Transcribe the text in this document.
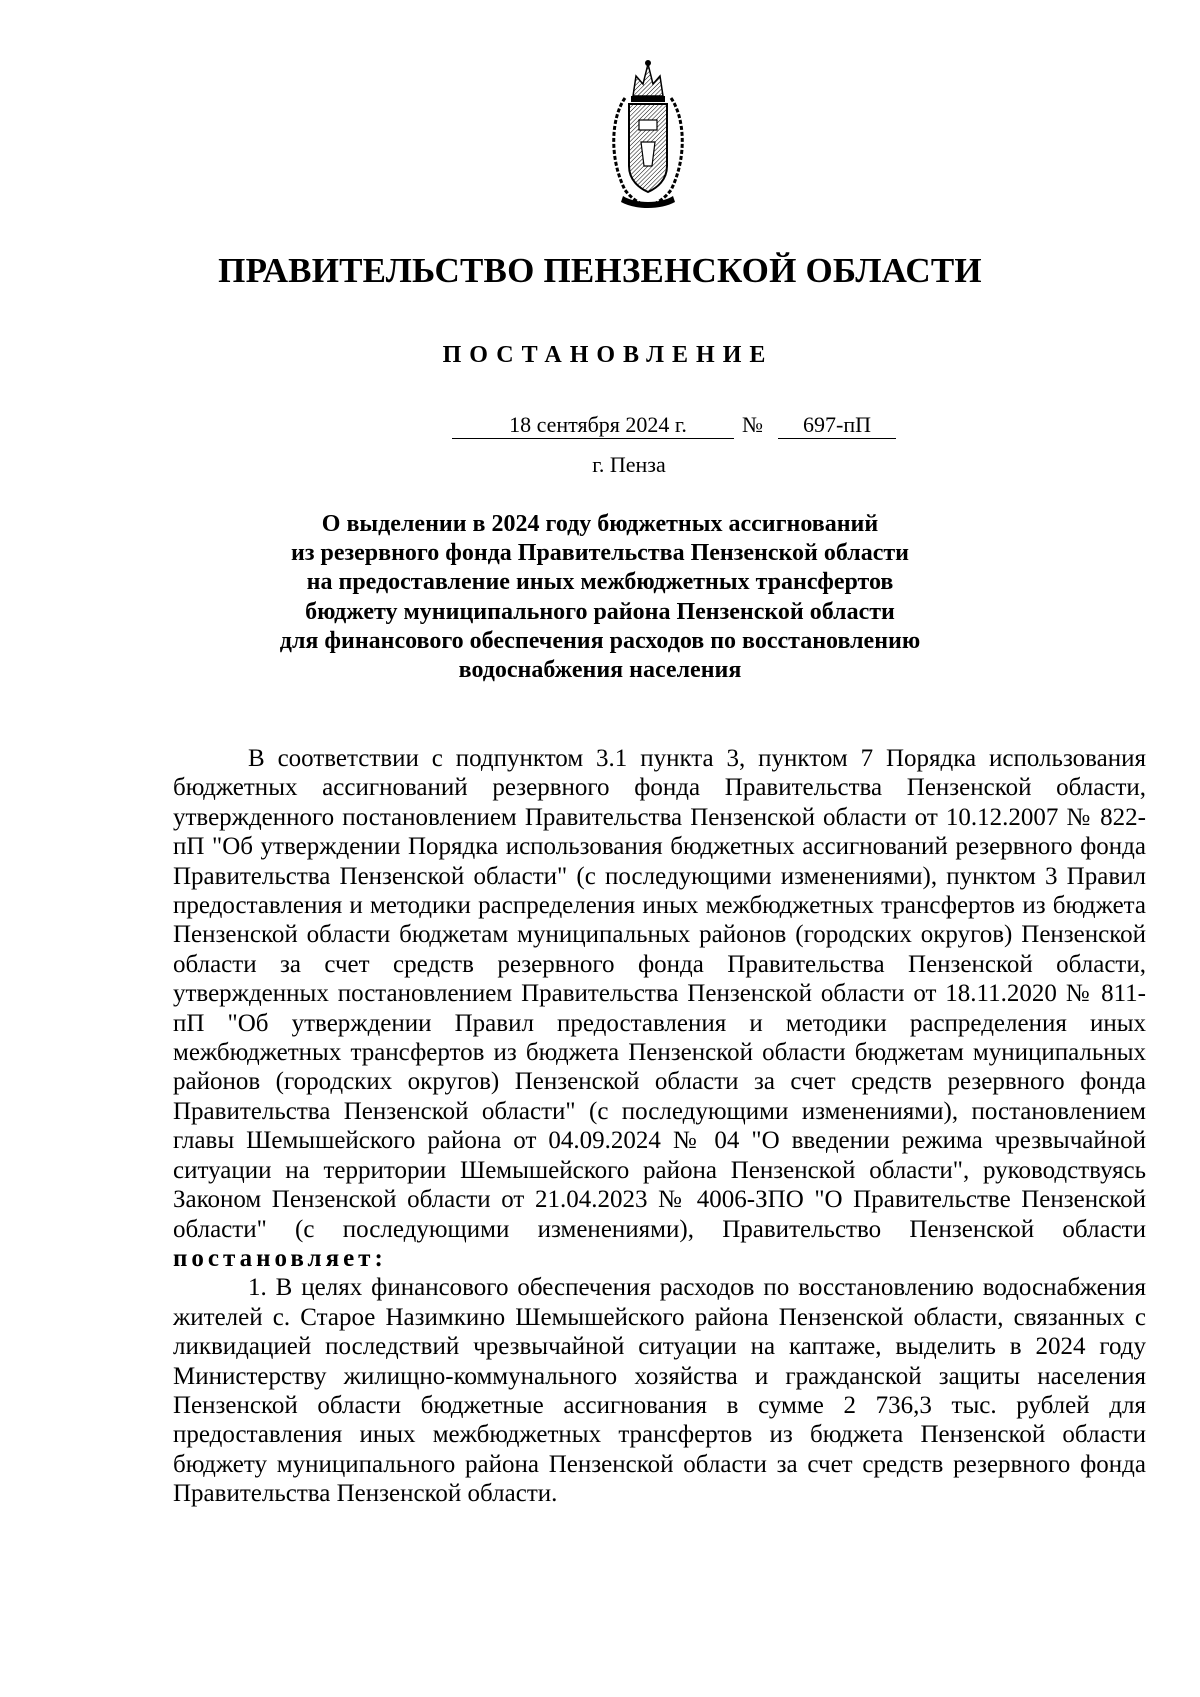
ПРАВИТЕЛЬСТВО ПЕНЗЕНСКОЙ ОБЛАСТИ
ПОСТАНОВЛЕНИЕ
18 сентября 2024 г.	№	697-пП
г. Пенза
О выделении в 2024 году бюджетных ассигнований
из резервного фонда Правительства Пензенской области
на предоставление иных межбюджетных трансфертов
бюджету муниципального района Пензенской области
для финансового обеспечения расходов по восстановлению
водоснабжения населения

В соответствии с подпунктом 3.1 пункта 3, пунктом 7 Порядка использования бюджетных ассигнований резервного фонда Правительства Пензенской области, утвержденного постановлением Правительства Пензенской области от 10.12.2007 № 822-пП "Об утверждении Порядка использования бюджетных ассигнований резервного фонда Правительства Пензенской области" (с последующими изменениями), пунктом 3 Правил предоставления и методики распределения иных межбюджетных трансфертов из бюджета Пензенской области бюджетам муниципальных районов (городских округов) Пензенской области за счет средств резервного фонда Правительства Пензенской области, утвержденных постановлением Правительства Пензенской области от 18.11.2020 № 811-пП "Об утверждении Правил предоставления и методики распределения иных межбюджетных трансфертов из бюджета Пензенской области бюджетам муниципальных районов (городских округов) Пензенской области за счет средств резервного фонда Правительства Пензенской области" (с последующими изменениями), постановлением главы Шемышейского района от 04.09.2024 № 04 "О введении режима чрезвычайной ситуации на территории Шемышейского района Пензенской области", руководствуясь Законом Пензенской области от 21.04.2023 № 4006-ЗПО "О Правительстве Пензенской области" (с последующими изменениями), Правительство Пензенской области постановляет:

1. В целях финансового обеспечения расходов по восстановлению водоснабжения жителей с. Старое Назимкино Шемышейского района Пензенской области, связанных с ликвидацией последствий чрезвычайной ситуации на каптаже, выделить в 2024 году Министерству жилищно-коммунального хозяйства и гражданской защиты населения Пензенской области бюджетные ассигнования в сумме 2 736,3 тыс. рублей для предоставления иных межбюджетных трансфертов из бюджета Пензенской области бюджету муниципального района Пензенской области за счет средств резервного фонда Правительства Пензенской области.
